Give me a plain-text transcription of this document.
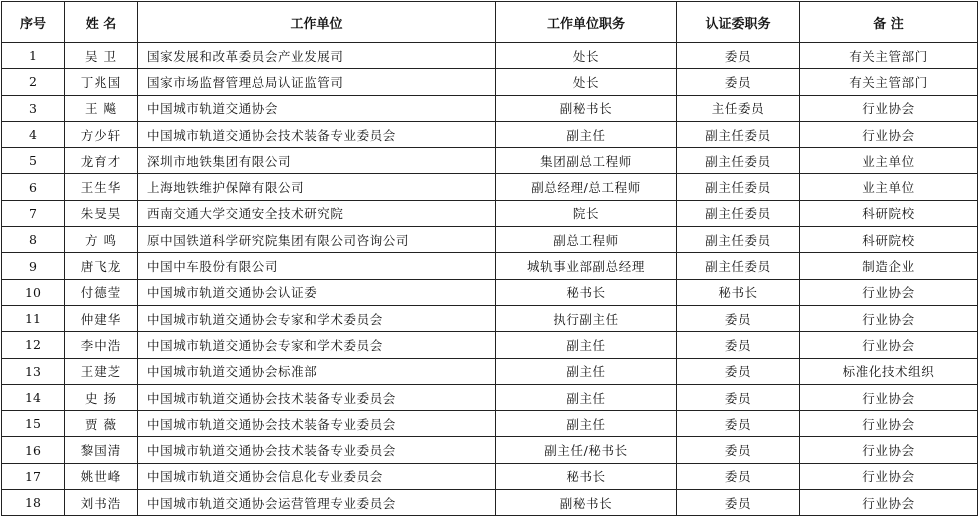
序号	姓 名	工作单位	工作单位职务	认证委职务	备 注
1	吴 卫	国家发展和改革委员会产业发展司	处长	委员	有关主管部门
2	丁兆国	国家市场监督管理总局认证监管司	处长	委员	有关主管部门
3	王 飚	中国城市轨道交通协会	副秘书长	主任委员	行业协会
4	方少轩	中国城市轨道交通协会技术装备专业委员会	副主任	副主任委员	行业协会
5	龙育才	深圳市地铁集团有限公司	集团副总工程师	副主任委员	业主单位
6	王生华	上海地铁维护保障有限公司	副总经理/总工程师	副主任委员	业主单位
7	朱旻昊	西南交通大学交通安全技术研究院	院长	副主任委员	科研院校
8	方 鸣	原中国铁道科学研究院集团有限公司咨询公司	副总工程师	副主任委员	科研院校
9	唐飞龙	中国中车股份有限公司	城轨事业部副总经理	副主任委员	制造企业
10	付德莹	中国城市轨道交通协会认证委	秘书长	秘书长	行业协会
11	仲建华	中国城市轨道交通协会专家和学术委员会	执行副主任	委员	行业协会
12	李中浩	中国城市轨道交通协会专家和学术委员会	副主任	委员	行业协会
13	王建芝	中国城市轨道交通协会标准部	副主任	委员	标准化技术组织
14	史 扬	中国城市轨道交通协会技术装备专业委员会	副主任	委员	行业协会
15	贾 薇	中国城市轨道交通协会技术装备专业委员会	副主任	委员	行业协会
16	黎国清	中国城市轨道交通协会技术装备专业委员会	副主任/秘书长	委员	行业协会
17	姚世峰	中国城市轨道交通协会信息化专业委员会	秘书长	委员	行业协会
18	刘书浩	中国城市轨道交通协会运营管理专业委员会	副秘书长	委员	行业协会
